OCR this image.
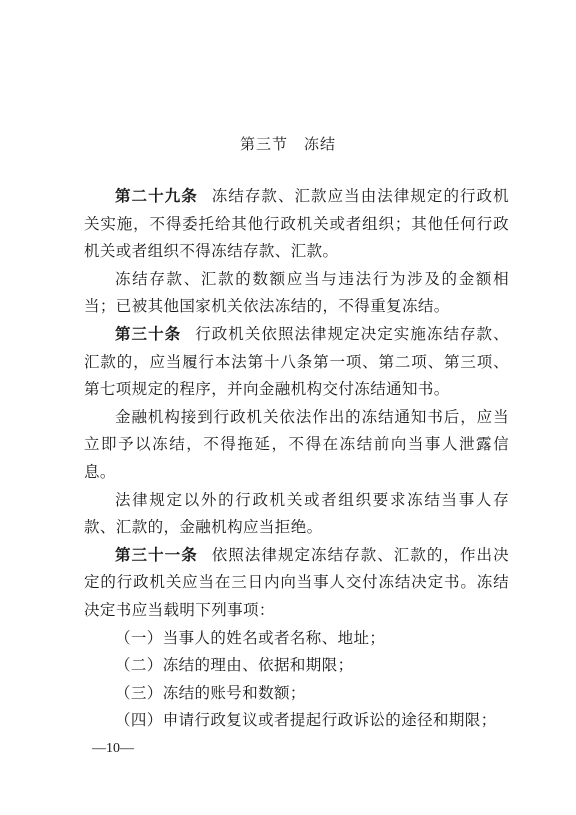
第三节　冻结

第二十九条 冻结存款、汇款应当由法律规定的行政机关实施，不得委托给其他行政机关或者组织；其他任何行政机关或者组织不得冻结存款、汇款。

冻结存款、汇款的数额应当与违法行为涉及的金额相当；已被其他国家机关依法冻结的，不得重复冻结。

第三十条 行政机关依照法律规定决定实施冻结存款、汇款的，应当履行本法第十八条第一项、第二项、第三项、第七项规定的程序，并向金融机构交付冻结通知书。

金融机构接到行政机关依法作出的冻结通知书后，应当立即予以冻结，不得拖延，不得在冻结前向当事人泄露信息。

法律规定以外的行政机关或者组织要求冻结当事人存款、汇款的，金融机构应当拒绝。

第三十一条 依照法律规定冻结存款、汇款的，作出决定的行政机关应当在三日内向当事人交付冻结决定书。冻结决定书应当载明下列事项：

（一）当事人的姓名或者名称、地址；

（二）冻结的理由、依据和期限；

（三）冻结的账号和数额；

（四）申请行政复议或者提起行政诉讼的途径和期限；

—10—
